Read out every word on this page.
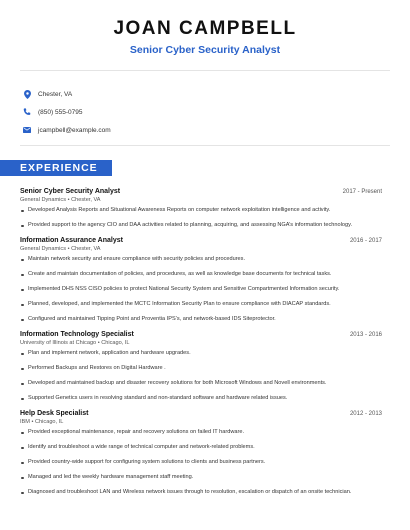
JOAN CAMPBELL
Senior Cyber Security Analyst
Chester, VA
(850) 555-0795
jcampbell@example.com
EXPERIENCE
Senior Cyber Security Analyst	2017 - Present
General Dynamics • Chester, VA
Developed Analysis Reports and Situational Awareness Reports on computer network exploitation intelligence and activity.
Provided support to the agency CIO and DAA activities related to planning, acquiring, and assessing NGA’s information technology.
Information Assurance Analyst	2016 - 2017
General Dynamics • Chester, VA
Maintain network security and ensure compliance with security policies and procedures.
Create and maintain documentation of policies, and procedures, as well as knowledge base documents for technical tasks.
Implemented DHS NSS CISO policies to protect National Security System and Sensitive Compartmented Information security.
Planned, developed, and implemented the MCTC Information Security Plan to ensure compliance with DIACAP standards.
Configured and maintained Tipping Point and Proventia IPS’s, and network-based IDS Siteprotector.
Information Technology Specialist	2013 - 2016
University of Illinois at Chicago • Chicago, IL
Plan and implement network, application and hardware upgrades.
Performed Backups and Restores on Digital Hardware .
Developed and maintained backup and disaster recovery solutions for both Microsoft Windows and Novell environments.
Supported Genetics users in resolving standard and non-standard software and hardware related issues.
Help Desk Specialist	2012 - 2013
IBM • Chicago, IL
Provided exceptional maintenance, repair and recovery solutions on failed IT hardware.
Identify and troubleshoot a wide range of technical computer and network-related problems.
Provided country-wide support for configuring system solutions to clients and business partners.
Managed and led the weekly hardware management staff meeting.
Diagnosed and troubleshoot LAN and Wireless network issues through to resolution, escalation or dispatch of an onsite technician.
